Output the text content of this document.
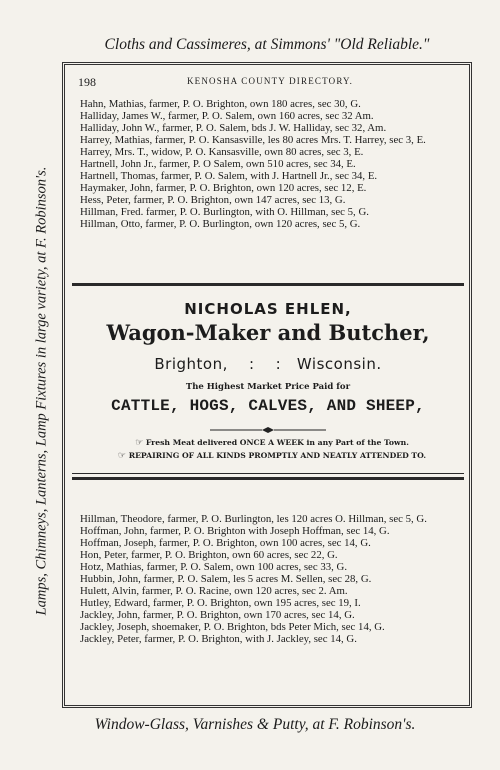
Cloths and Cassimeres, at Simmons' "Old Reliable."
Lamps, Chimneys, Lanterns, Lamp Fixtures in large variety, at F. Robinson's.
Window-Glass, Varnishes & Putty, at F. Robinson's.
198	KENOSHA COUNTY DIRECTORY.
Hahn, Mathias, farmer, P. O. Brighton, own 180 acres, sec 30, G.
Halliday, James W., farmer, P. O. Salem, own 160 acres, sec 32 Am.
Halliday, John W., farmer, P. O. Salem, bds J. W. Halliday, sec 32, Am.
Harrey, Mathias, farmer, P. O. Kansasville, les 80 acres Mrs. T. Harrey, sec 3, E.
Harrey, Mrs. T., widow, P. O. Kansasville, own 80 acres, sec 3, E.
Hartnell, John Jr., farmer, P. O Salem, own 510 acres, sec 34, E.
Hartnell, Thomas, farmer, P. O. Salem, with J. Hartnell Jr., sec 34, E.
Haymaker, John, farmer, P. O. Brighton, own 120 acres, sec 12, E.
Hess, Peter, farmer, P. O. Brighton, own 147 acres, sec 13, G.
Hillman, Fred. farmer, P. O. Burlington, with O. Hillman, sec 5, G.
Hillman, Otto, farmer, P. O. Burlington, own 120 acres, sec 5, G.
NICHOLAS EHLEN,
Wagon-Maker and Butcher,
Brighton,    :    :   Wisconsin.
The Highest Market Price Paid for
CATTLE, HOGS, CALVES, AND SHEEP,
☞ Fresh Meat delivered ONCE A WEEK in any Part of the Town.
☞ REPAIRING OF ALL KINDS PROMPTLY AND NEATLY ATTENDED TO.
Hillman, Theodore, farmer, P. O. Burlington, les 120 acres O. Hillman, sec 5, G.
Hoffman, John, farmer, P. O. Brighton with Joseph Hoffman, sec 14, G.
Hoffman, Joseph, farmer, P. O. Brighton, own 100 acres, sec 14, G.
Hon, Peter, farmer, P. O. Brighton, own 60 acres, sec 22, G.
Hotz, Mathias, farmer, P. O. Salem, own 100 acres, sec 33, G.
Hubbin, John, farmer, P. O. Salem, les 5 acres M. Sellen, sec 28, G.
Hulett, Alvin, farmer, P. O. Racine, own 120 acres, sec 2. Am.
Hutley, Edward, farmer, P. O. Brighton, own 195 acres, sec 19, I.
Jackley, John, farmer, P. O. Brighton, own 170 acres, sec 14, G.
Jackley, Joseph, shoemaker, P. O. Brighton, bds Peter Mich, sec 14, G.
Jackley, Peter, farmer, P. O. Brighton, with J. Jackley, sec 14, G.
